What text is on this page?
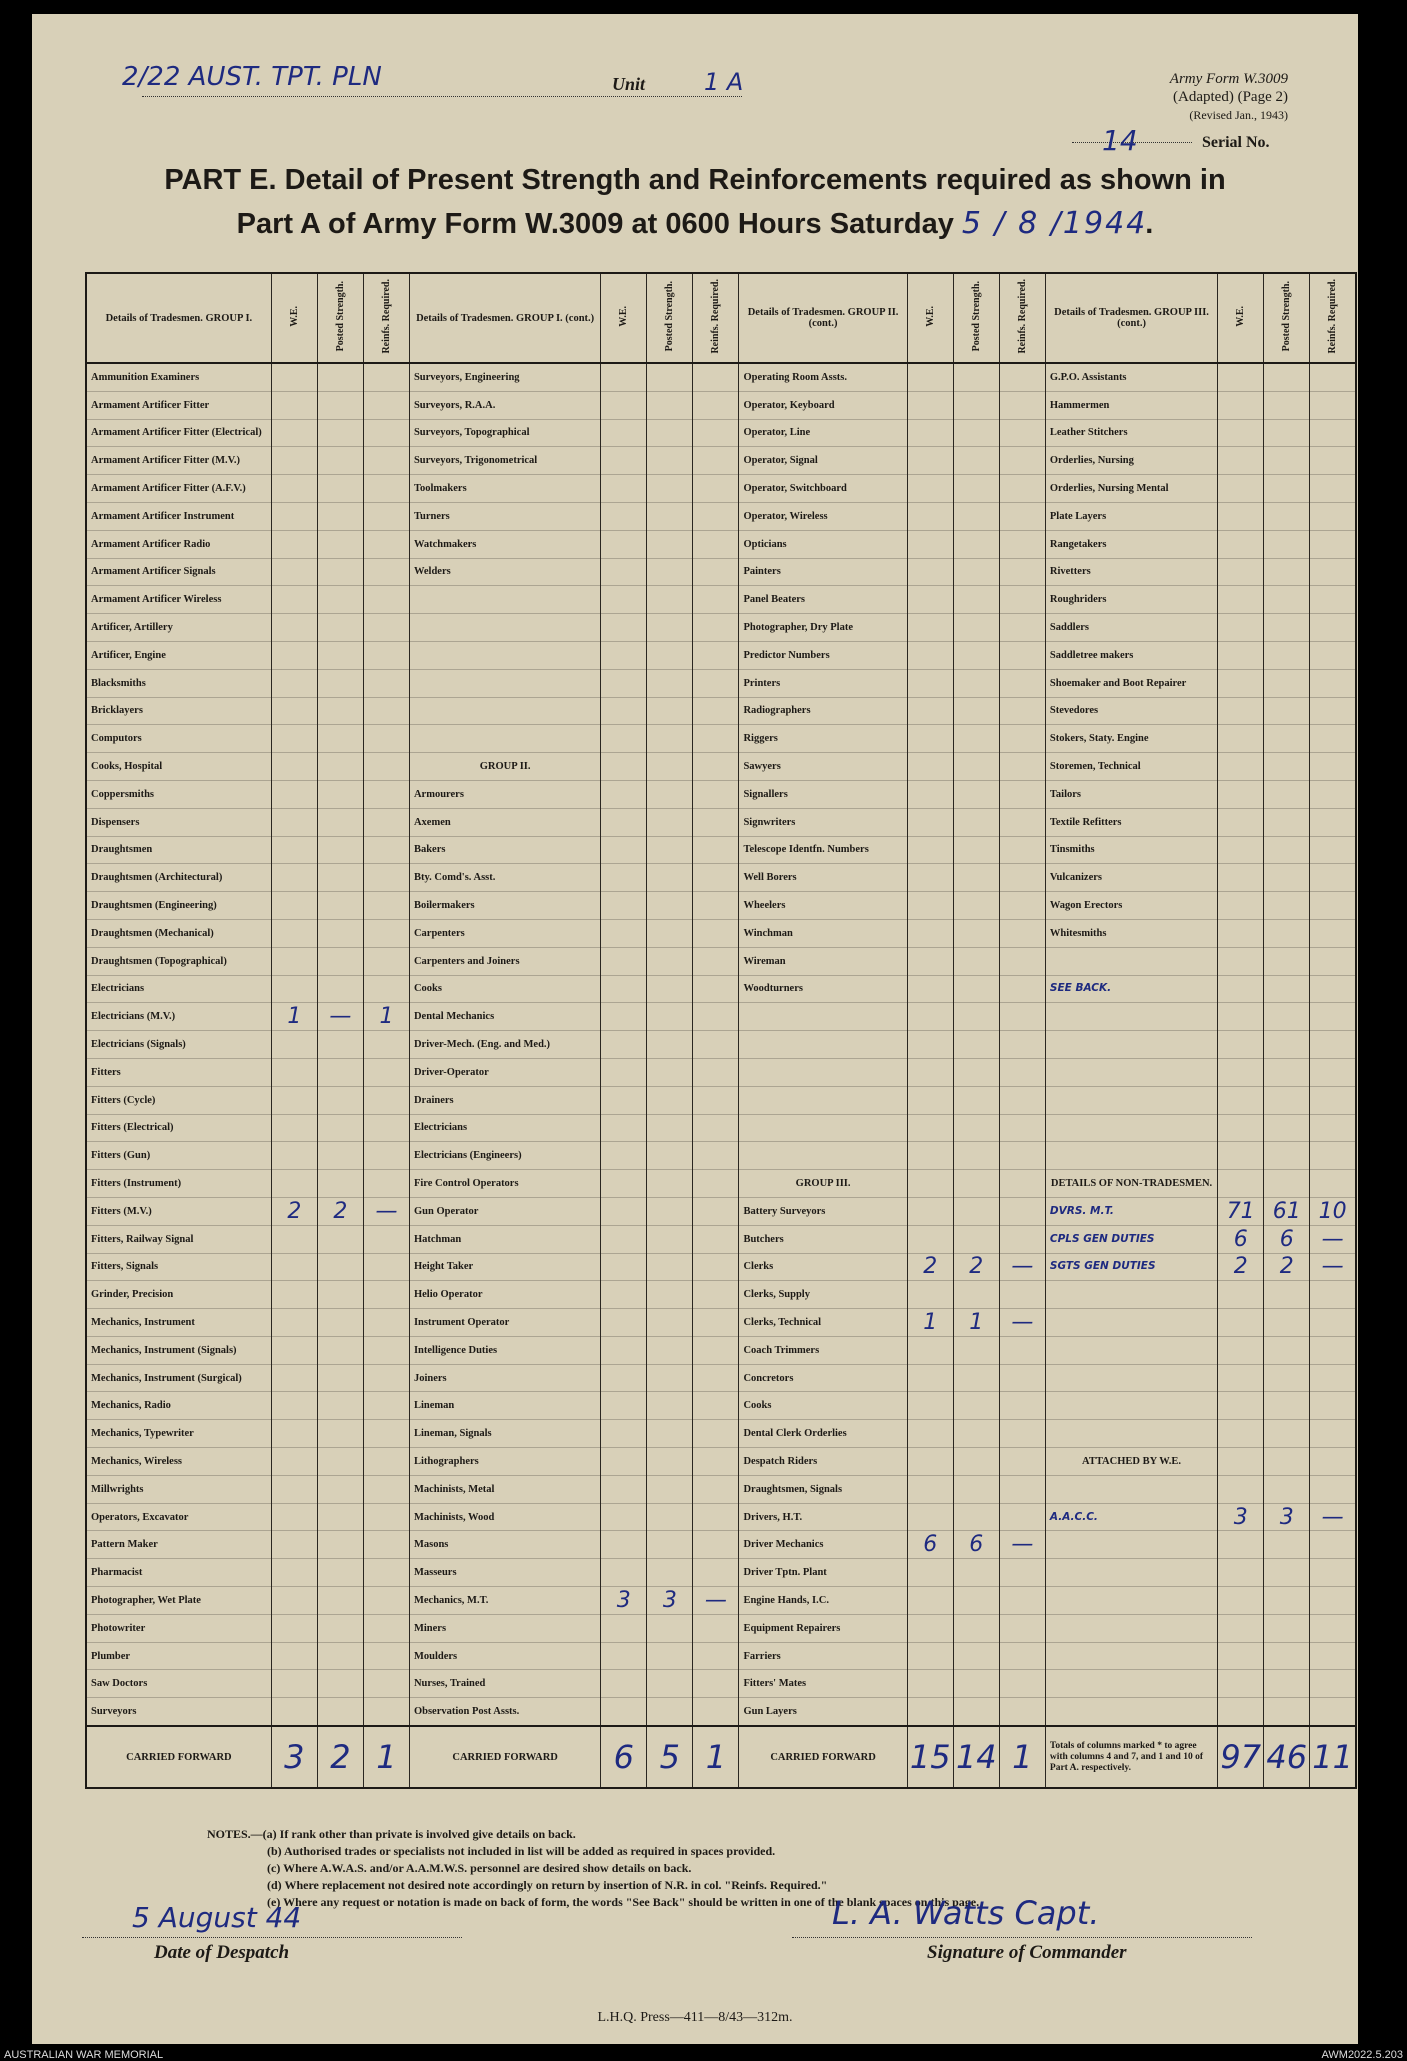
2/22 AUST. TPT. PLN	Unit 1 A	Army Form W.3009
(Adapted) (Page 2)
(Revised Jan., 1943)
14	Serial No.
PART E. Detail of Present Strength and Reinforcements required as shown in
Part A of Army Form W.3009 at 0600 Hours Saturday 5 / 8 /1944.
Details of Tradesmen. GROUP I.	W.E.	Posted Strength.	Reinfs. Required.	Details of Tradesmen. GROUP I. (cont.)	W.E.	Posted Strength.	Reinfs. Required.	Details of Tradesmen. GROUP II. (cont.)	W.E.	Posted Strength.	Reinfs. Required.	Details of Tradesmen. GROUP III. (cont.)	W.E.	Posted Strength.	Reinfs. Required.
Ammunition Examiners				Surveyors, Engineering				Operating Room Assts.				G.P.O. Assistants			
Armament Artificer Fitter				Surveyors, R.A.A.				Operator, Keyboard				Hammermen			
Armament Artificer Fitter (Electrical)				Surveyors, Topographical				Operator, Line				Leather Stitchers			
Armament Artificer Fitter (M.V.)				Surveyors, Trigonometrical				Operator, Signal				Orderlies, Nursing			
Armament Artificer Fitter (A.F.V.)				Toolmakers				Operator, Switchboard				Orderlies, Nursing Mental			
Armament Artificer Instrument				Turners				Operator, Wireless				Plate Layers			
Armament Artificer Radio				Watchmakers				Opticians				Rangetakers			
Armament Artificer Signals				Welders				Painters				Rivetters			
Armament Artificer Wireless								Panel Beaters				Roughriders			
Artificer, Artillery								Photographer, Dry Plate				Saddlers			
Artificer, Engine								Predictor Numbers				Saddletree makers			
Blacksmiths								Printers				Shoemaker and Boot Repairer			
Bricklayers								Radiographers				Stevedores			
Computors								Riggers				Stokers, Staty. Engine			
Cooks, Hospital				GROUP II.				Sawyers				Storemen, Technical			
Coppersmiths				Armourers				Signallers				Tailors			
Dispensers				Axemen				Signwriters				Textile Refitters			
Draughtsmen				Bakers				Telescope Identfn. Numbers				Tinsmiths			
Draughtsmen (Architectural)				Bty. Comd's. Asst.				Well Borers				Vulcanizers			
Draughtsmen (Engineering)				Boilermakers				Wheelers				Wagon Erectors			
Draughtsmen (Mechanical)				Carpenters				Winchman				Whitesmiths			
Draughtsmen (Topographical)				Carpenters and Joiners				Wireman							
Electricians				Cooks				Woodturners				SEE BACK.			
Electricians (M.V.)	1	—	1	Dental Mechanics											
Electricians (Signals)				Driver-Mech. (Eng. and Med.)											
Fitters				Driver-Operator											
Fitters (Cycle)				Drainers											
Fitters (Electrical)				Electricians											
Fitters (Gun)				Electricians (Engineers)											
Fitters (Instrument)				Fire Control Operators				GROUP III.				DETAILS OF NON-TRADESMEN.			
Fitters (M.V.)	2	2	—	Gun Operator				Battery Surveyors				DVRS. M.T.	71	61	10
Fitters, Railway Signal				Hatchman				Butchers				CPLS GEN DUTIES	6	6	—
Fitters, Signals				Height Taker				Clerks	2	2	—	SGTS GEN DUTIES	2	2	—
Grinder, Precision				Helio Operator				Clerks, Supply							
Mechanics, Instrument				Instrument Operator				Clerks, Technical	1	1	—				
Mechanics, Instrument (Signals)				Intelligence Duties				Coach Trimmers							
Mechanics, Instrument (Surgical)				Joiners				Concretors							
Mechanics, Radio				Lineman				Cooks							
Mechanics, Typewriter				Lineman, Signals				Dental Clerk Orderlies							
Mechanics, Wireless				Lithographers				Despatch Riders				ATTACHED BY W.E.			
Millwrights				Machinists, Metal				Draughtsmen, Signals							
Operators, Excavator				Machinists, Wood				Drivers, H.T.				A.A.C.C.	3	3	—
Pattern Maker				Masons				Driver Mechanics	6	6	—				
Pharmacist				Masseurs				Driver Tptn. Plant							
Photographer, Wet Plate				Mechanics, M.T.	3	3	—	Engine Hands, I.C.							
Photowriter				Miners				Equipment Repairers							
Plumber				Moulders				Farriers							
Saw Doctors				Nurses, Trained				Fitters' Mates							
Surveyors				Observation Post Assts.				Gun Layers							
CARRIED FORWARD	3	2	1	CARRIED FORWARD	6	5	1	CARRIED FORWARD	15	14	1	Totals of columns marked * to agree with columns 4 and 7, and 1 and 10 of Part A. respectively.	97	46	11
NOTES.—(a) If rank other than private is involved give details on back.
(b) Authorised trades or specialists not included in list will be added as required in spaces provided.
(c) Where A.W.A.S. and/or A.A.M.W.S. personnel are desired show details on back.
(d) Where replacement not desired note accordingly on return by insertion of N.R. in col. "Reinfs. Required."
(e) Where any request or notation is made on back of form, the words "See Back" should be written in one of the blank spaces on this page.
5 August 44
Date of Despatch
L. A. Watts Capt.
Signature of Commander
L.H.Q. Press—411—8/43—312m.
AUSTRALIAN WAR MEMORIAL	AWM2022.5.203
